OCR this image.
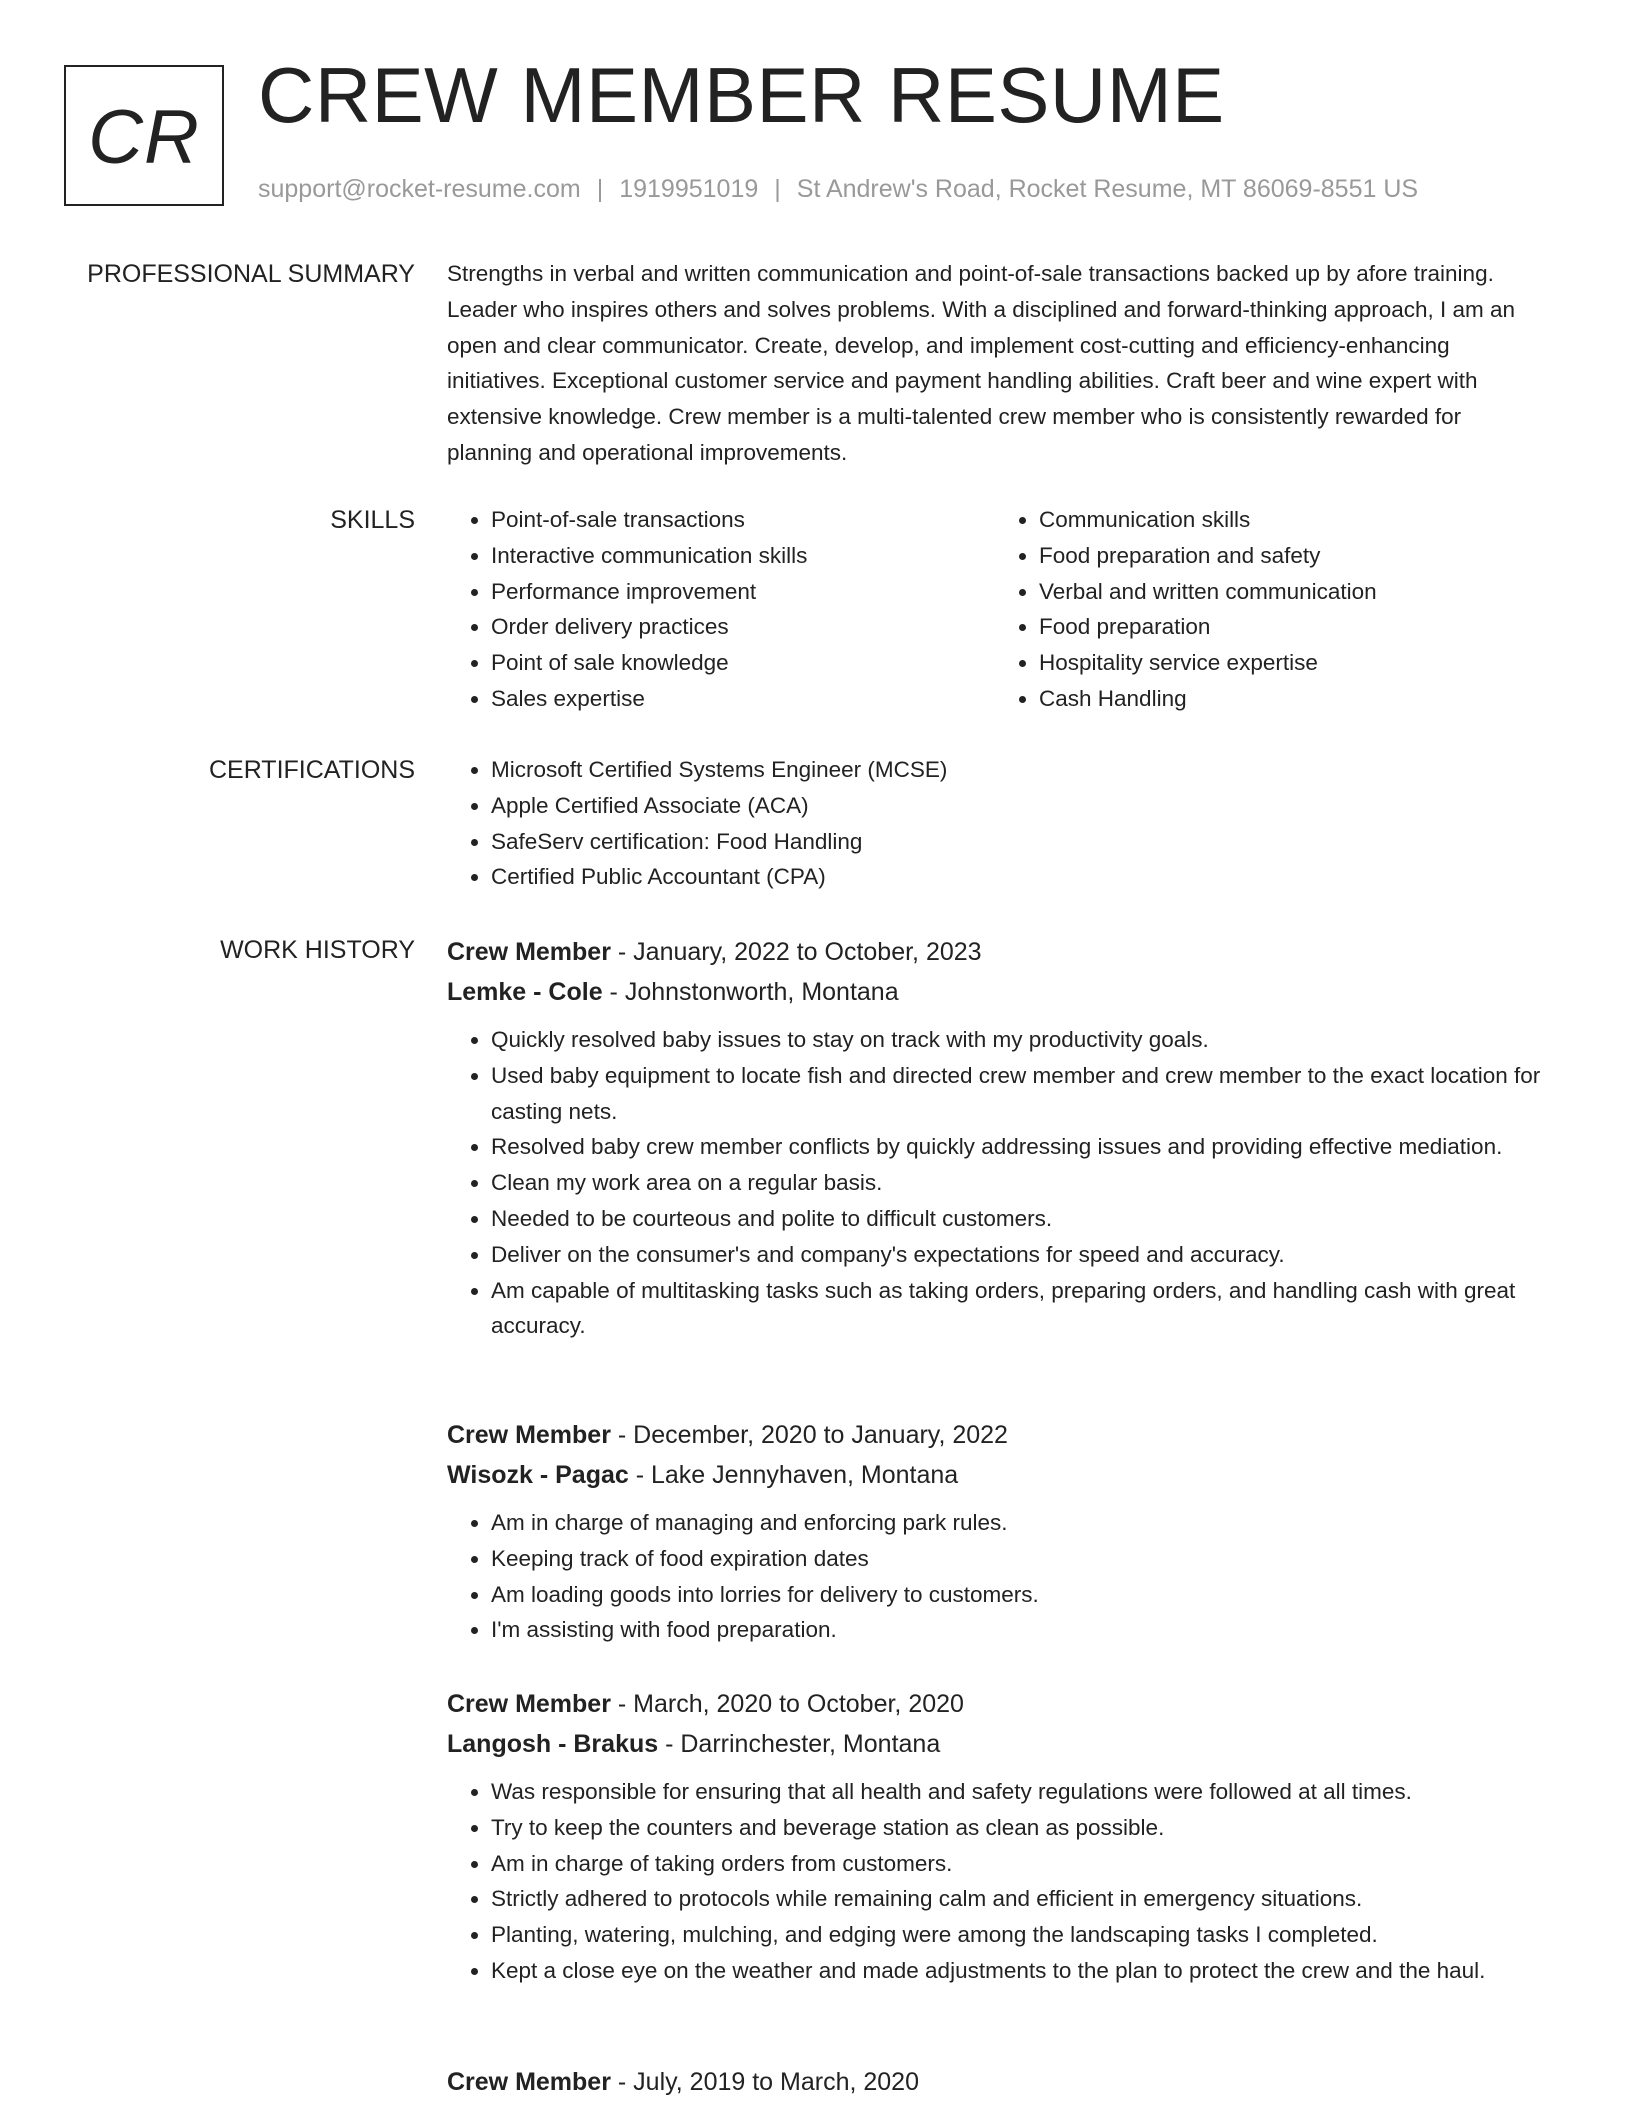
CR CREW MEMBER RESUME
support@rocket-resume.com | 1919951019 | St Andrew's Road, Rocket Resume, MT 86069-8551 US
PROFESSIONAL SUMMARY Strengths in verbal and written communication and point-of-sale transactions backed up by afore training. Leader who inspires others and solves problems. With a disciplined and forward-thinking approach, I am an open and clear communicator. Create, develop, and implement cost-cutting and efficiency-enhancing initiatives. Exceptional customer service and payment handling abilities. Craft beer and wine expert with extensive knowledge. Crew member is a multi-talented crew member who is consistently rewarded for planning and operational improvements.
SKILLS	• Point-of-sale transactions
• Interactive communication skills
• Performance improvement
• Order delivery practices
• Point of sale knowledge
• Sales expertise
• Communication skills
• Food preparation and safety
• Verbal and written communication
• Food preparation
• Hospitality service expertise
• Cash Handling
CERTIFICATIONS	• Microsoft Certified Systems Engineer (MCSE)
• Apple Certified Associate (ACA)
• SafeServ certification: Food Handling
• Certified Public Accountant (CPA)
WORK HISTORY Crew Member - January, 2022 to October, 2023
Lemke - Cole - Johnstonworth, Montana
• Quickly resolved baby issues to stay on track with my productivity goals.
• Used baby equipment to locate fish and directed crew member and crew member to the exact location for casting nets.
• Resolved baby crew member conflicts by quickly addressing issues and providing effective mediation.
• Clean my work area on a regular basis.
• Needed to be courteous and polite to difficult customers.
• Deliver on the consumer's and company's expectations for speed and accuracy.
• Am capable of multitasking tasks such as taking orders, preparing orders, and handling cash with great accuracy.
Crew Member - December, 2020 to January, 2022
Wisozk - Pagac - Lake Jennyhaven, Montana
• Am in charge of managing and enforcing park rules.
• Keeping track of food expiration dates
• Am loading goods into lorries for delivery to customers.
• I'm assisting with food preparation.
Crew Member - March, 2020 to October, 2020
Langosh - Brakus - Darrinchester, Montana
• Was responsible for ensuring that all health and safety regulations were followed at all times.
• Try to keep the counters and beverage station as clean as possible.
• Am in charge of taking orders from customers.
• Strictly adhered to protocols while remaining calm and efficient in emergency situations.
• Planting, watering, mulching, and edging were among the landscaping tasks I completed.
• Kept a close eye on the weather and made adjustments to the plan to protect the crew and the haul.
Crew Member - July, 2019 to March, 2020
